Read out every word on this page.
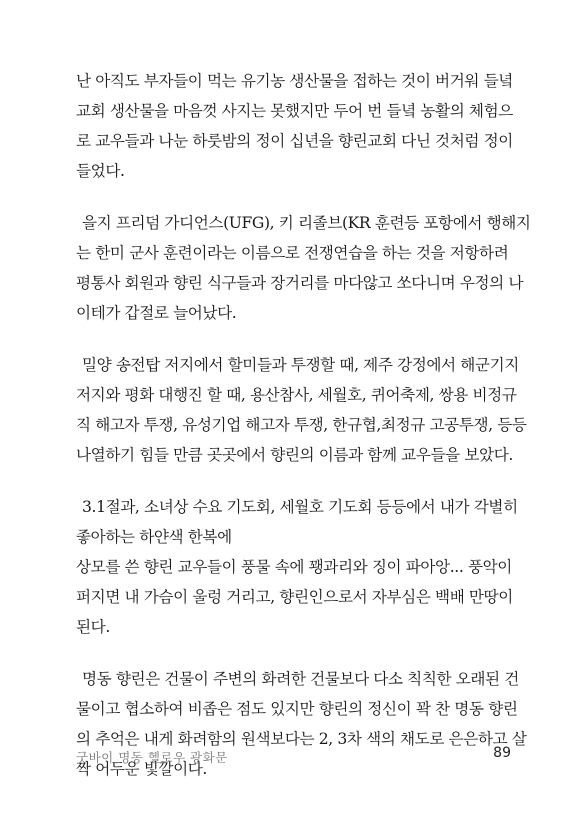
난 아직도 부자들이 먹는 유기농 생산물을 접하는 것이 버거워 들녘
교회 생산물을 마음껏 사지는 못했지만 두어 번 들녘 농활의 체험으
로 교우들과 나눈 하룻밤의 정이 십년을 향린교회 다닌 것처럼 정이
들었다.
을지 프리덤 가디언스(UFG), 키 리졸브(KR 훈련등 포항에서 행해지
는 한미 군사 훈련이라는 이름으로 전쟁연습을 하는 것을 저항하려
평통사 회원과 향린 식구들과 장거리를 마다않고 쏘다니며 우정의 나
이테가 갑절로 늘어났다.
밀양 송전탑 저지에서 할미들과 투쟁할 때, 제주 강정에서 해군기지
저지와 평화 대행진 할 때, 용산참사, 세월호, 퀴어축제, 쌍용 비정규
직 해고자 투쟁, 유성기업 해고자 투쟁, 한규협,최정규 고공투쟁, 등등
나열하기 힘들 만큼 곳곳에서 향린의 이름과 함께 교우들을 보았다.
3.1절과, 소녀상 수요 기도회, 세월호 기도회 등등에서 내가 각별히
좋아하는 하얀색 한복에
상모를 쓴 향린 교우들이 풍물 속에 꽹과리와 징이 파아앙... 풍악이
퍼지면 내 가슴이 울렁 거리고, 향린인으로서 자부심은 백배 만땅이
된다.
명동 향린은 건물이 주변의 화려한 건물보다 다소 칙칙한 오래된 건
물이고 협소하여 비좁은 점도 있지만 향린의 정신이 꽉 찬 명동 향린
의 추억은 내게 화려함의 원색보다는 2, 3차 색의 채도로 은은하고 살
짝 어두운 빛깔이다.
굿바이 명동 헬로우 광화문	89
